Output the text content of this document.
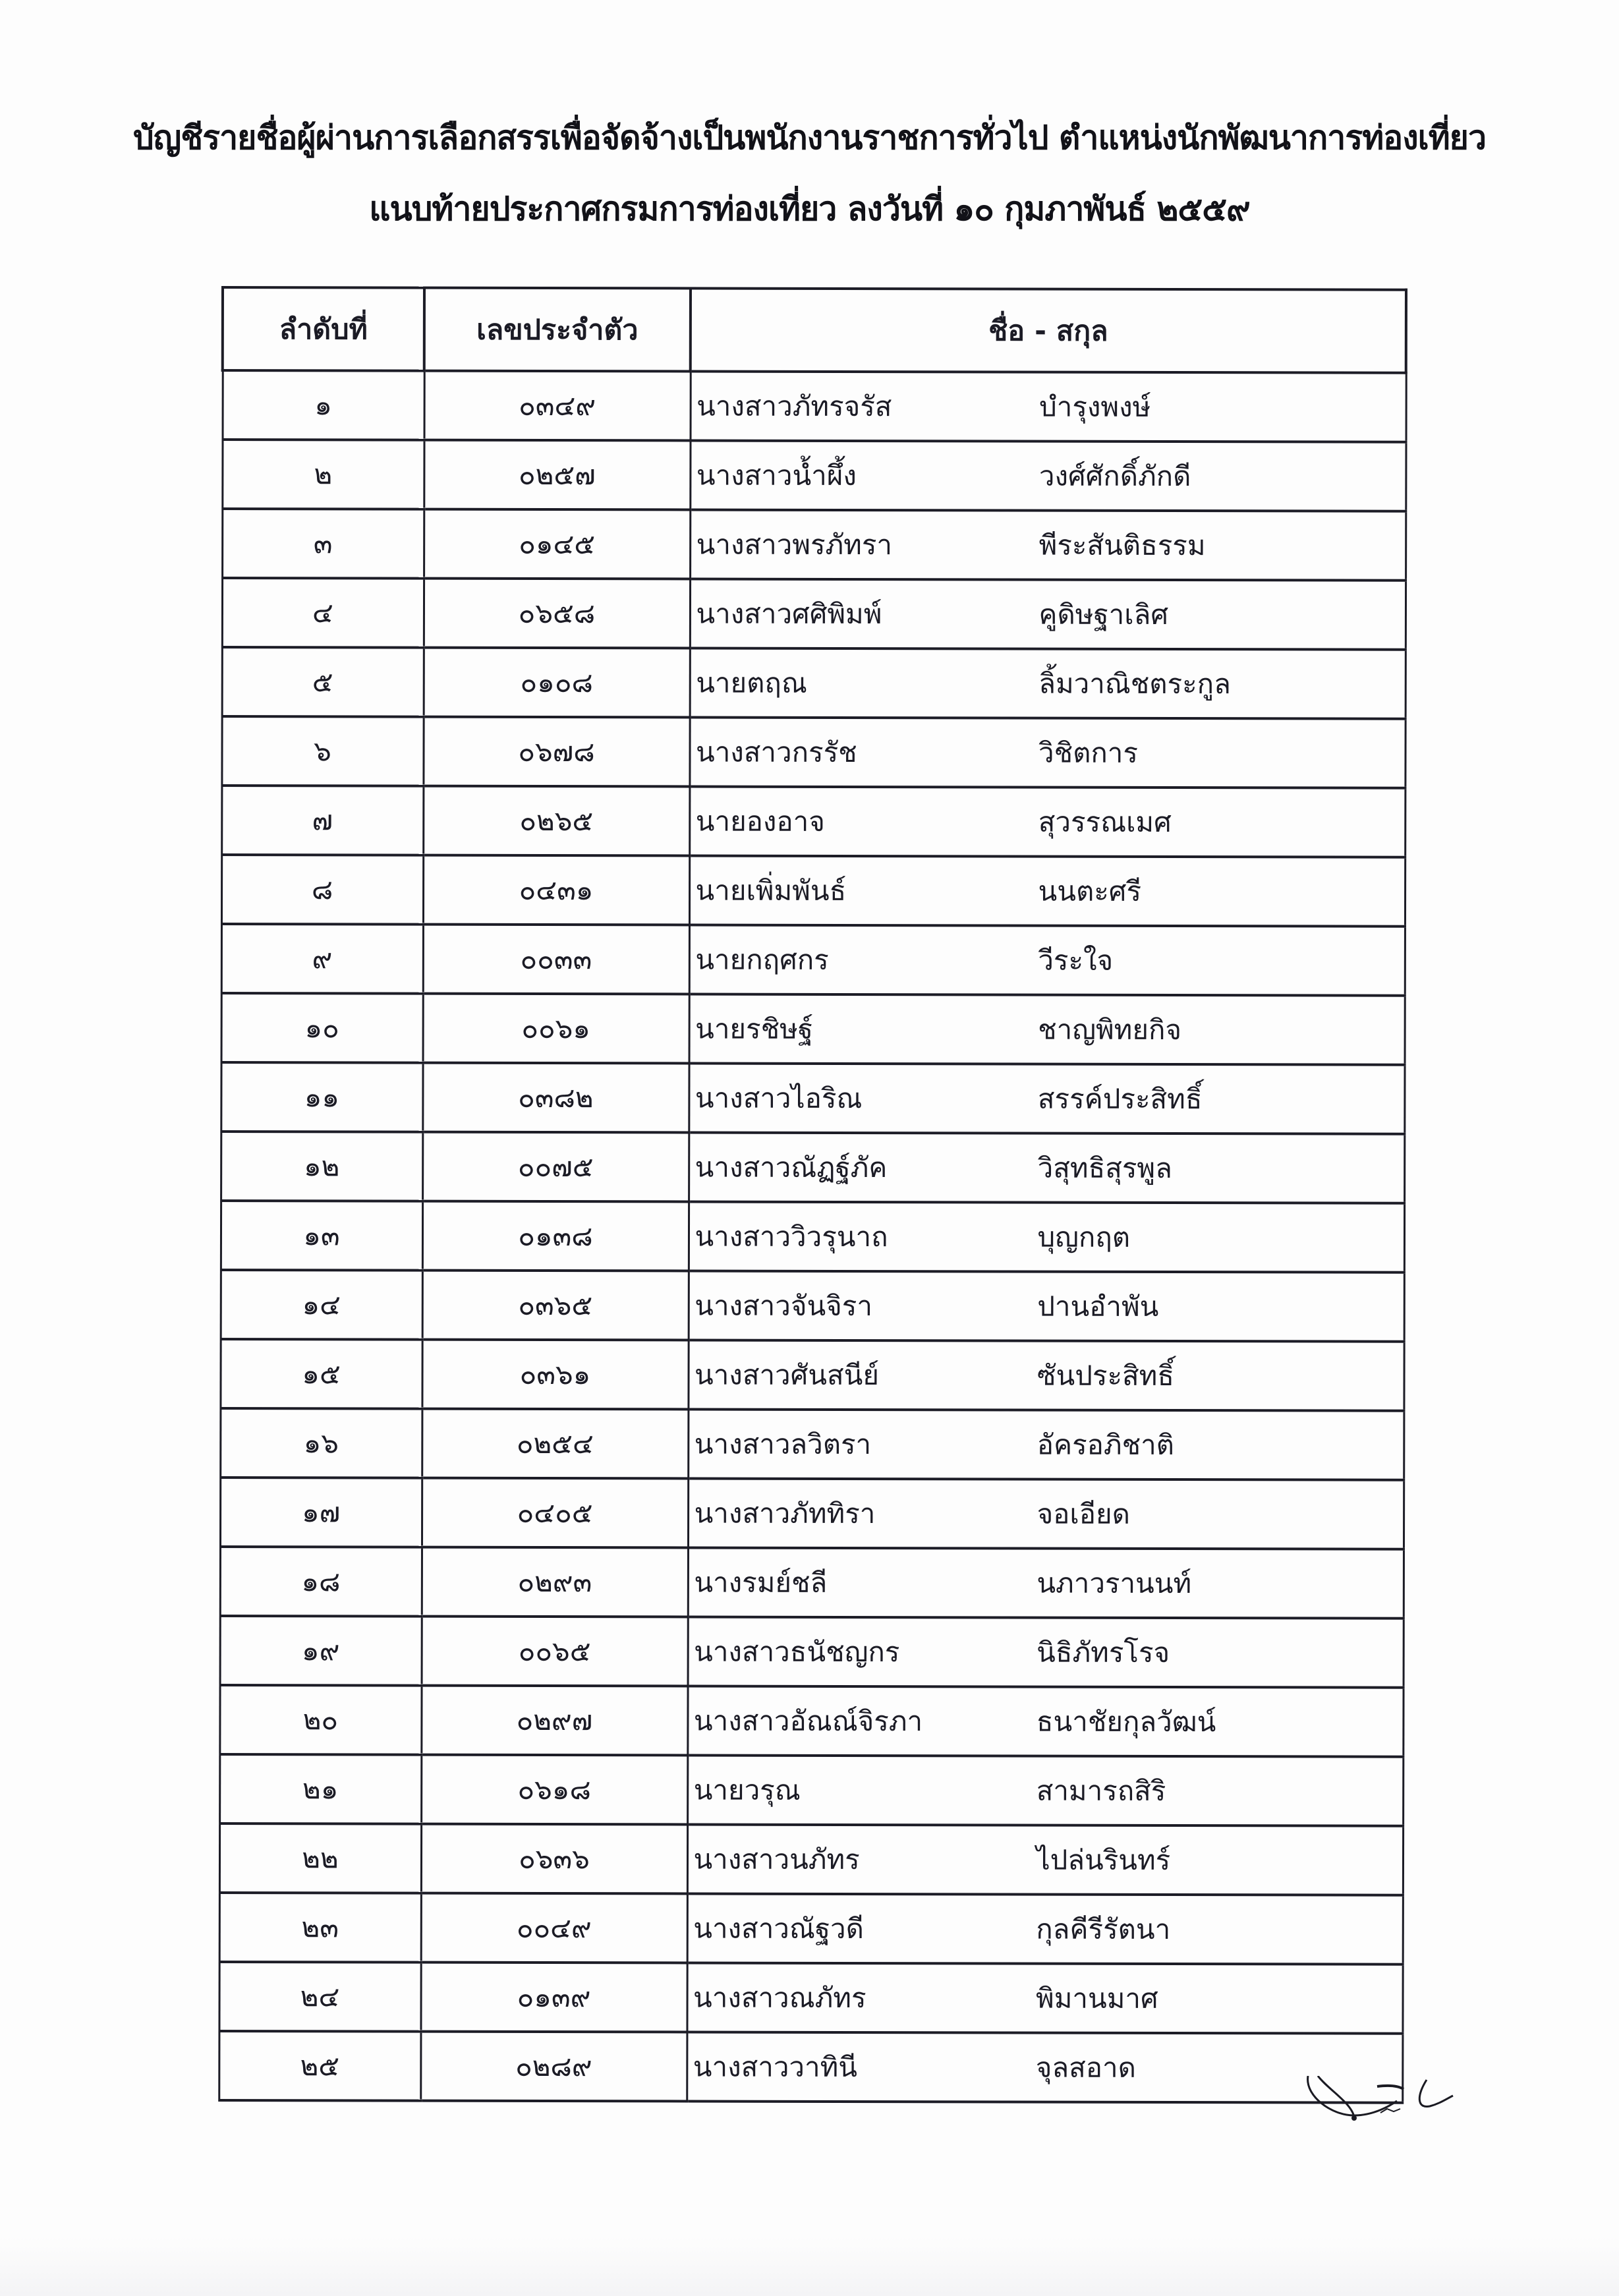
บัญชีรายชื่อผู้ผ่านการเลือกสรรเพื่อจัดจ้างเป็นพนักงานราชการทั่วไป ตำแหน่งนักพัฒนาการท่องเที่ยว
แนบท้ายประกาศกรมการท่องเที่ยว ลงวันที่ ๑๐ กุมภาพันธ์ ๒๕๕๙
ลำดับที่	เลขประจำตัว	ชื่อ - สกุล
๑	๐๓๔๙	นางสาวภัทรจรัส บำรุงพงษ์
๒	๐๒๕๗	นางสาวน้ำผึ้ง วงศ์ศักดิ์ภักดี
๓	๐๑๔๕	นางสาวพรภัทรา พีระสันติธรรม
๔	๐๖๕๘	นางสาวศศิพิมพ์ คูดิษฐาเลิศ
๕	๐๑๐๘	นายตฤณ ลิ้มวาณิชตระกูล
๖	๐๖๗๘	นางสาวกรรัช วิชิตการ
๗	๐๒๖๕	นายองอาจ สุวรรณเมศ
๘	๐๔๓๑	นายเพิ่มพันธ์ นนตะศรี
๙	๐๐๓๓	นายกฤศกร วีระใจ
๑๐	๐๐๖๑	นายรชิษฐ์ ชาญพิทยกิจ
๑๑	๐๓๘๒	นางสาวไอริณ สรรค์ประสิทธิ์
๑๒	๐๐๗๕	นางสาวณัฏฐ์ภัค วิสุทธิสุรพูล
๑๓	๐๑๓๘	นางสาววิวรุนาถ บุญกฤต
๑๔	๐๓๖๕	นางสาวจันจิรา ปานอำพัน
๑๕	๐๓๖๑	นางสาวศันสนีย์ ซันประสิทธิ์
๑๖	๐๒๕๔	นางสาวลวิตรา อัครอภิชาติ
๑๗	๐๔๐๕	นางสาวภัททิรา จอเอียด
๑๘	๐๒๙๓	นางรมย์ชลี นภาวรานนท์
๑๙	๐๐๖๕	นางสาวธนัชญกร นิธิภัทรโรจ
๒๐	๐๒๙๗	นางสาวอัณณ์จิรภา ธนาชัยกุลวัฒน์
๒๑	๐๖๑๘	นายวรุณ สามารถสิริ
๒๒	๐๖๓๖	นางสาวนภัทร ไปล่นรินทร์
๒๓	๐๐๔๙	นางสาวณัฐวดี กุลคีรีรัตนา
๒๔	๐๑๓๙	นางสาวณภัทร พิมานมาศ
๒๕	๐๒๘๙	นางสาววาทินี จุลสอาด
